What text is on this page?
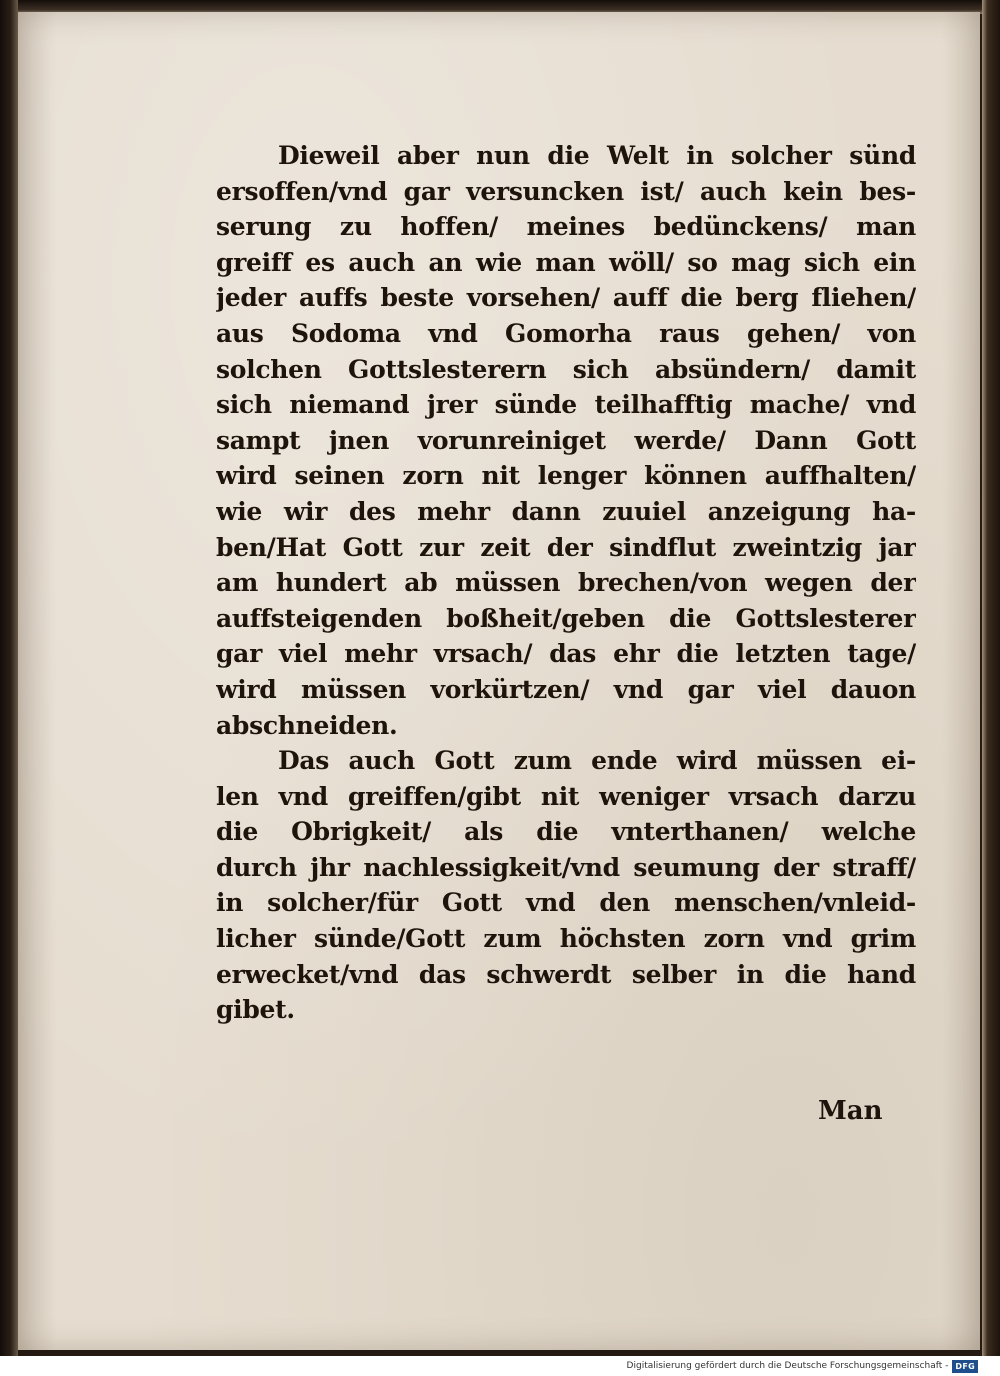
Dieweil aber nun die Welt in solcher sünd
ersoffen/vnd gar versuncken ist/ auch kein bes-
serung zu hoffen/ meines bedünckens/ man
greiff es auch an wie man wöll/ so mag sich ein
jeder auffs beste vorsehen/ auff die berg fliehen/
aus Sodoma vnd Gomorha raus gehen/ von
solchen Gottslesterern sich absündern/ damit
sich niemand jrer sünde teilhafftig mache/ vnd
sampt jnen vorunreiniget werde/ Dann Gott
wird seinen zorn nit lenger können auffhalten/
wie wir des mehr dann zuuiel anzeigung ha-
ben/Hat Gott zur zeit der sindflut zweintzig jar
am hundert ab müssen brechen/von wegen der
auffsteigenden boßheit/geben die Gottslesterer
gar viel mehr vrsach/ das ehr die letzten tage/
wird müssen vorkürtzen/ vnd gar viel dauon
abschneiden.
Das auch Gott zum ende wird müssen ei-
len vnd greiffen/gibt nit weniger vrsach darzu
die Obrigkeit/ als die vnterthanen/ welche
durch jhr nachlessigkeit/vnd seumung der straff/
in solcher/für Gott vnd den menschen/vnleid-
licher sünde/Gott zum höchsten zorn vnd grim
erwecket/vnd das schwerdt selber in die hand
gibet.
Man
Digitalisierung gefördert durch die Deutsche Forschungsgemeinschaft - DFG
